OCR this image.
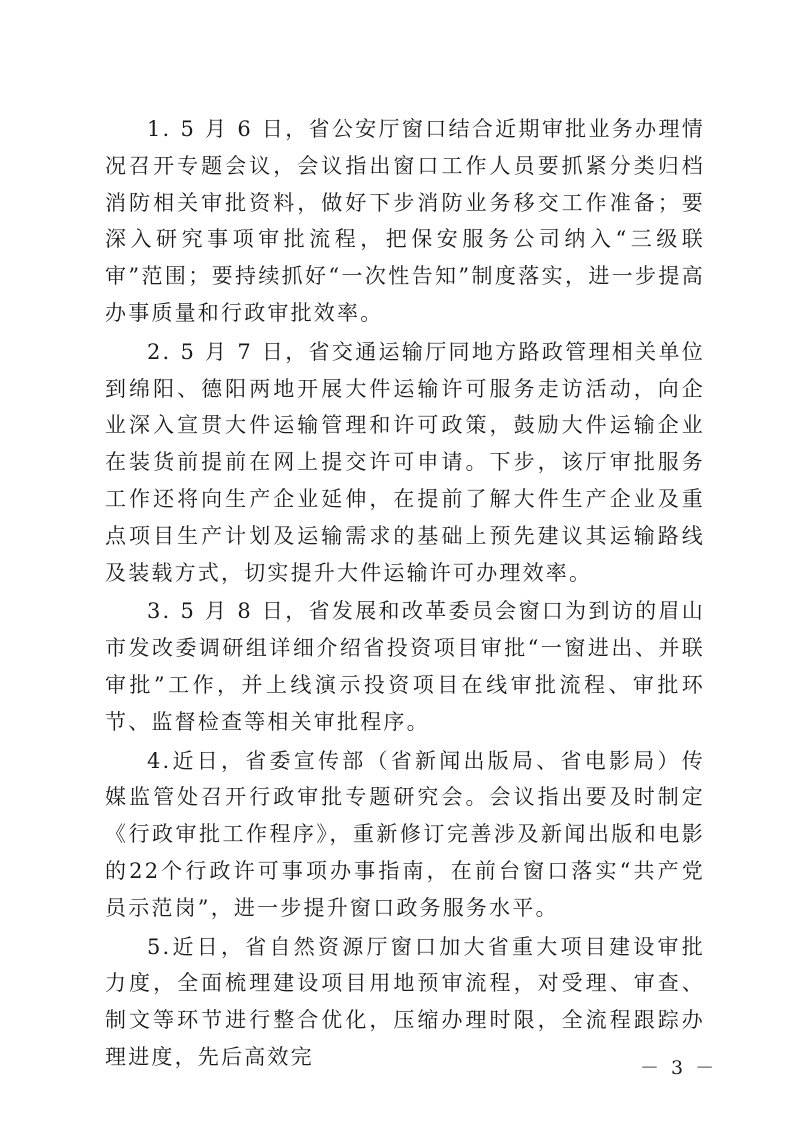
1. 5 月 6 日，省公安厅窗口结合近期审批业务办理情况召开专题会议，会议指出窗口工作人员要抓紧分类归档消防相关审批资料，做好下步消防业务移交工作准备；要深入研究事项审批流程，把保安服务公司纳入“三级联审”范围；要持续抓好“一次性告知”制度落实，进一步提高办事质量和行政审批效率。

2. 5 月 7 日，省交通运输厅同地方路政管理相关单位到绵阳、德阳两地开展大件运输许可服务走访活动，向企业深入宣贯大件运输管理和许可政策，鼓励大件运输企业在装货前提前在网上提交许可申请。下步，该厅审批服务工作还将向生产企业延伸，在提前了解大件生产企业及重点项目生产计划及运输需求的基础上预先建议其运输路线及装载方式，切实提升大件运输许可办理效率。

3. 5 月 8 日，省发展和改革委员会窗口为到访的眉山市发改委调研组详细介绍省投资项目审批“一窗进出、并联审批”工作，并上线演示投资项目在线审批流程、审批环节、监督检查等相关审批程序。

4.近日，省委宣传部（省新闻出版局、省电影局）传媒监管处召开行政审批专题研究会。会议指出要及时制定《行政审批工作程序》，重新修订完善涉及新闻出版和电影的22个行政许可事项办事指南，在前台窗口落实“共产党员示范岗”，进一步提升窗口政务服务水平。

5.近日，省自然资源厅窗口加大省重大项目建设审批力度，全面梳理建设项目用地预审流程，对受理、审查、制文等环节进行整合优化，压缩办理时限，全流程跟踪办理进度，先后高效完	－ 3 －
